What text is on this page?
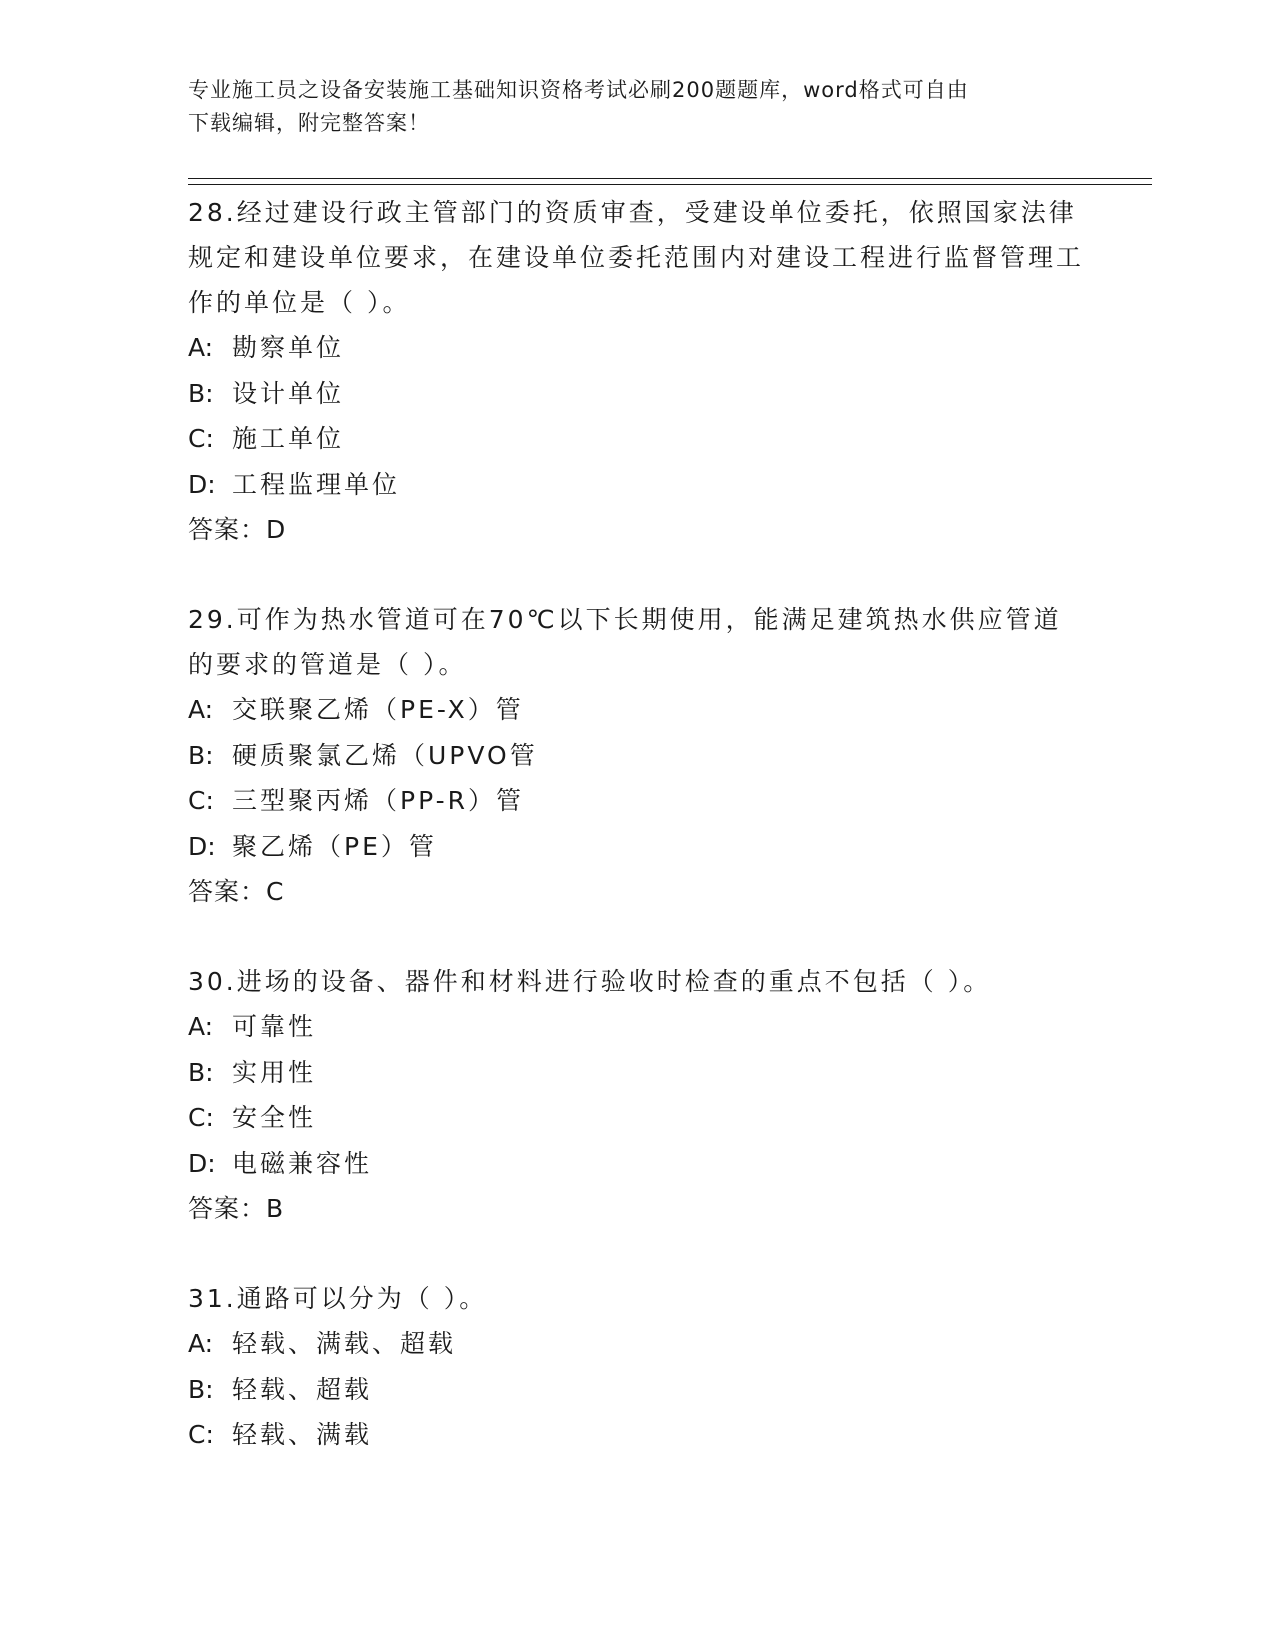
专业施工员之设备安装施工基础知识资格考试必刷200题题库，word格式可自由
下载编辑，附完整答案！
28.经过建设行政主管部门的资质审查，受建设单位委托，依照国家法律规定和建设单位要求，在建设单位委托范围内对建设工程进行监督管理工作的单位是（ ）。
A: 勘察单位
B: 设计单位
C: 施工单位
D: 工程监理单位
答案：D
29.可作为热水管道可在70℃以下长期使用，能满足建筑热水供应管道的要求的管道是（ ）。
A: 交联聚乙烯（PE-X）管
B: 硬质聚氯乙烯（UPVO管
C: 三型聚丙烯（PP-R）管
D: 聚乙烯（PE）管
答案：C
30.进场的设备、器件和材料进行验收时检查的重点不包括（ ）。
A: 可靠性
B: 实用性
C: 安全性
D: 电磁兼容性
答案：B
31.通路可以分为（ ）。
A: 轻载、满载、超载
B: 轻载、超载
C: 轻载、满载
